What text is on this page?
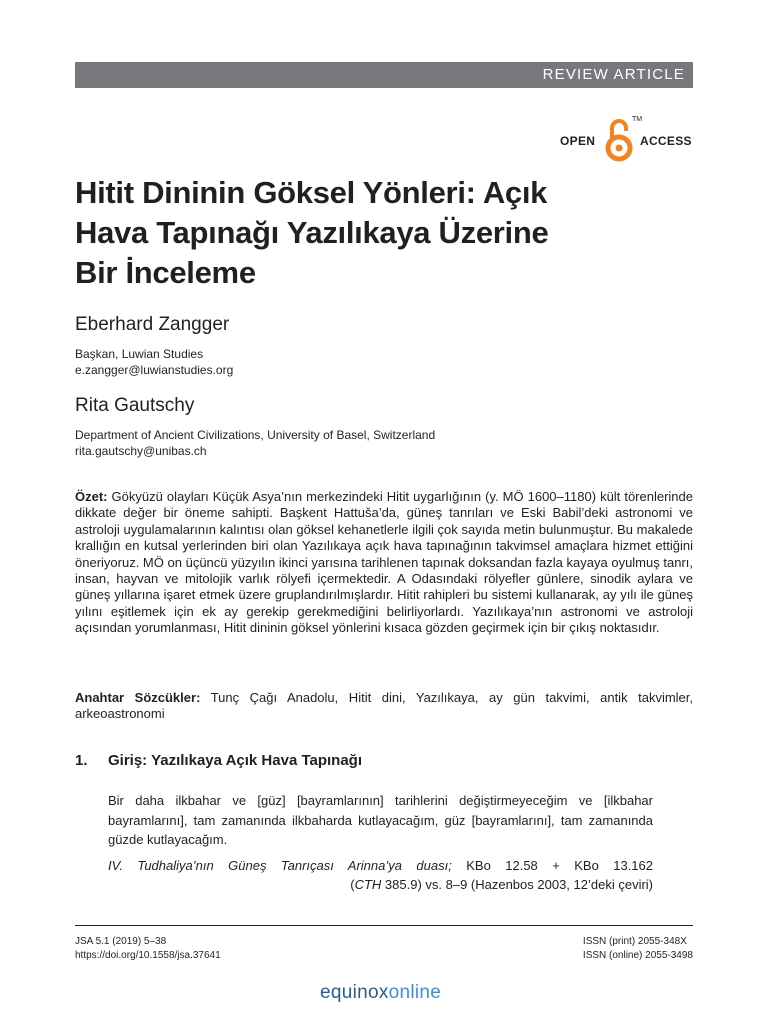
REVIEW ARTICLE
OPEN
TM
ACCESS
Hitit Dininin Göksel Yönleri: Açık
Hava Tapınağı Yazılıkaya Üzerine
Bir İnceleme
Eberhard Zangger
Başkan, Luwian Studies
e.zangger@luwianstudies.org
Rita Gautschy
Department of Ancient Civilizations, University of Basel, Switzerland
rita.gautschy@unibas.ch
Özet: Gökyüzü olayları Küçük Asya’nın merkezindeki Hitit uygarlığının (y. MÖ 1600–1180) kült törenlerinde dikkate değer bir öneme sahipti. Başkent Hattuša’da, güneş tanrıları ve Eski Babil’deki astronomi ve astroloji uygulamalarının kalıntısı olan göksel kehanetlerle ilgili çok sayıda metin bulunmuştur. Bu makalede krallığın en kutsal yerlerinden biri olan Yazılıkaya açık hava tapınağının takvimsel amaçlara hizmet ettiğini öneriyoruz. MÖ on üçüncü yüzyılın ikinci yarısına tarihlenen tapınak doksandan fazla kayaya oyulmuş tanrı, insan, hayvan ve mitolojik varlık rölyefi içermektedir. A Odasındaki rölyefler günlere, sinodik aylara ve güneş yıllarına işaret etmek üzere gruplandırılmışlardır. Hitit rahipleri bu sistemi kullanarak, ay yılı ile güneş yılını eşitlemek için ek ay gerekip gerekmediğini belirliyorlardı. Yazılıkaya’nın astronomi ve astroloji açısından yorumlanması, Hitit dininin göksel yönlerini kısaca gözden geçirmek için bir çıkış noktasıdır.
Anahtar Sözcükler: Tunç Çağı Anadolu, Hitit dini, Yazılıkaya, ay gün takvimi, antik takvimler, arkeoastronomi
1. Giriş: Yazılıkaya Açık Hava Tapınağı
Bir daha ilkbahar ve [güz] [bayramlarının] tarihlerini değiştirmeyeceğim ve [ilkbahar bayramlarını], tam zamanında ilkbaharda kutlayacağım, güz [bayramlarını], tam zamanında güzde kutlayacağım.
IV. Tudhaliya’nın Güneş Tanrıçası Arinna’ya duası; KBo 12.58 + KBo 13.162
(CTH 385.9) vs. 8–9 (Hazenbos 2003, 12’deki çeviri)
JSA 5.1 (2019) 5–38
https://doi.org/10.1558/jsa.37641
ISSN (print) 2055-348X
ISSN (online) 2055-3498
equinoxonline
